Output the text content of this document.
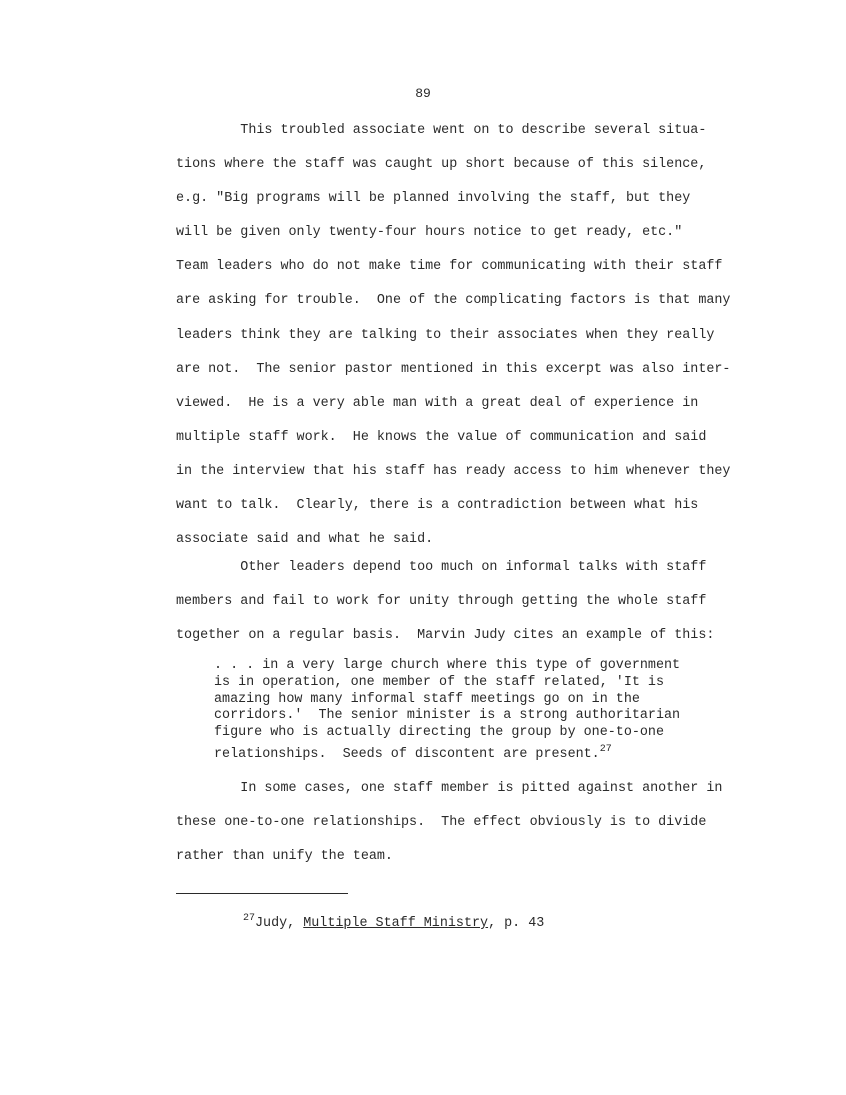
89
This troubled associate went on to describe several situa-
tions where the staff was caught up short because of this silence,
e.g. "Big programs will be planned involving the staff, but they
will be given only twenty-four hours notice to get ready, etc."
Team leaders who do not make time for communicating with their staff
are asking for trouble.  One of the complicating factors is that many
leaders think they are talking to their associates when they really
are not.  The senior pastor mentioned in this excerpt was also inter-
viewed.  He is a very able man with a great deal of experience in
multiple staff work.  He knows the value of communication and said
in the interview that his staff has ready access to him whenever they
want to talk.  Clearly, there is a contradiction between what his
associate said and what he said.
Other leaders depend too much on informal talks with staff
members and fail to work for unity through getting the whole staff
together on a regular basis.  Marvin Judy cites an example of this:
. . . in a very large church where this type of government
is in operation, one member of the staff related, 'It is
amazing how many informal staff meetings go on in the
corridors.'  The senior minister is a strong authoritarian
figure who is actually directing the group by one-to-one
relationships.  Seeds of discontent are present.$^{27}$
In some cases, one staff member is pitted against another in
these one-to-one relationships.  The effect obviously is to divide
rather than unify the team.
$^{27}$Judy, Multiple Staff Ministry, p. 43
